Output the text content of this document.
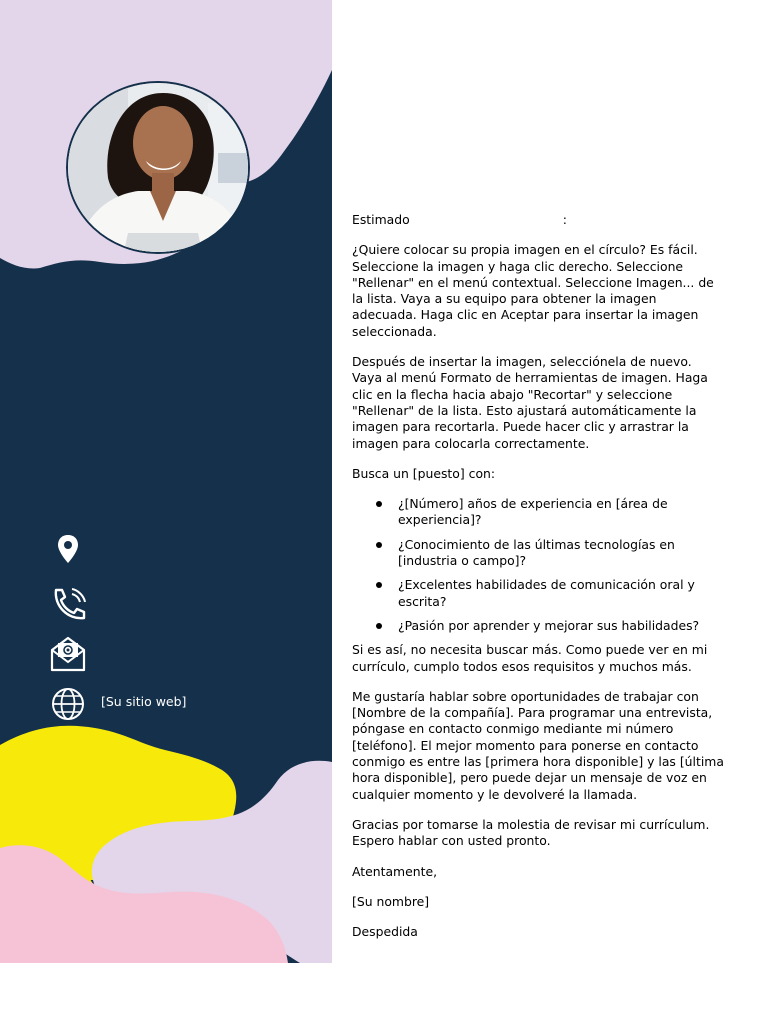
[Su sitio web]

Estimado	:

¿Quiere colocar su propia imagen en el círculo? Es fácil. Seleccione la imagen y haga clic derecho. Seleccione "Rellenar" en el menú contextual. Seleccione Imagen... de la lista. Vaya a su equipo para obtener la imagen adecuada. Haga clic en Aceptar para insertar la imagen seleccionada.

Después de insertar la imagen, selecciónela de nuevo. Vaya al menú Formato de herramientas de imagen. Haga clic en la flecha hacia abajo "Recortar" y seleccione "Rellenar" de la lista. Esto ajustará automáticamente la imagen para recortarla. Puede hacer clic y arrastrar la imagen para colocarla correctamente.

Busca un [puesto] con:

¿[Número] años de experiencia en [área de experiencia]?
¿Conocimiento de las últimas tecnologías en [industria o campo]?
¿Excelentes habilidades de comunicación oral y escrita?
¿Pasión por aprender y mejorar sus habilidades?

Si es así, no necesita buscar más. Como puede ver en mi currículo, cumplo todos esos requisitos y muchos más.

Me gustaría hablar sobre oportunidades de trabajar con [Nombre de la compañía]. Para programar una entrevista, póngase en contacto conmigo mediante mi número [teléfono]. El mejor momento para ponerse en contacto conmigo es entre las [primera hora disponible] y las [última hora disponible], pero puede dejar un mensaje de voz en cualquier momento y le devolveré la llamada.

Gracias por tomarse la molestia de revisar mi currículum. Espero hablar con usted pronto.

Atentamente,

[Su nombre]

Despedida
